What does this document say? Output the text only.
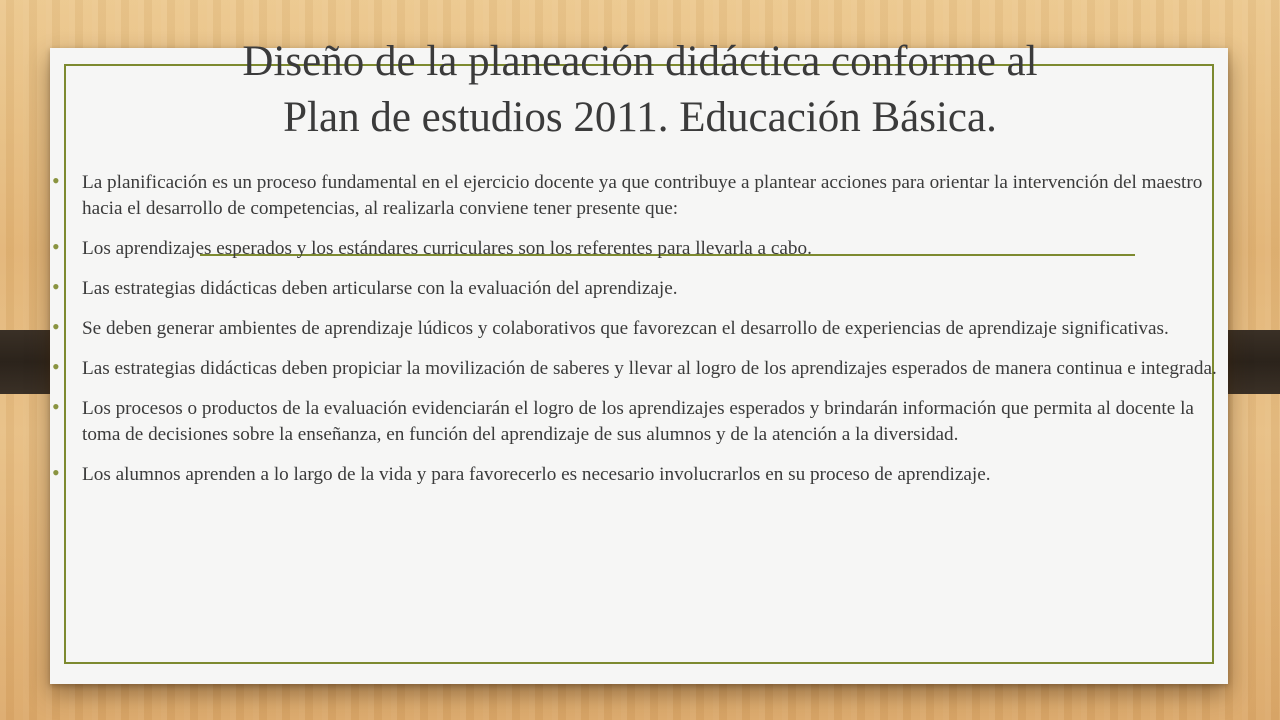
Diseño de la planeación didáctica conforme al
Plan de estudios 2011. Educación Básica.
• La planificación es un proceso fundamental en el ejercicio docente ya que contribuye a plantear acciones para orientar la intervención del maestro hacia el desarrollo de competencias, al realizarla conviene tener presente que:
• Los aprendizajes esperados y los estándares curriculares son los referentes para llevarla a cabo.
• Las estrategias didácticas deben articularse con la evaluación del aprendizaje.
• Se deben generar ambientes de aprendizaje lúdicos y colaborativos que favorezcan el desarrollo de experiencias de aprendizaje significativas.
• Las estrategias didácticas deben propiciar la movilización de saberes y llevar al logro de los aprendizajes esperados de manera continua e integrada.
• Los procesos o productos de la evaluación evidenciarán el logro de los aprendizajes esperados y brindarán información que permita al docente la toma de decisiones sobre la enseñanza, en función del aprendizaje de sus alumnos y de la atención a la diversidad.
• Los alumnos aprenden a lo largo de la vida y para favorecerlo es necesario involucrarlos en su proceso de aprendizaje.
